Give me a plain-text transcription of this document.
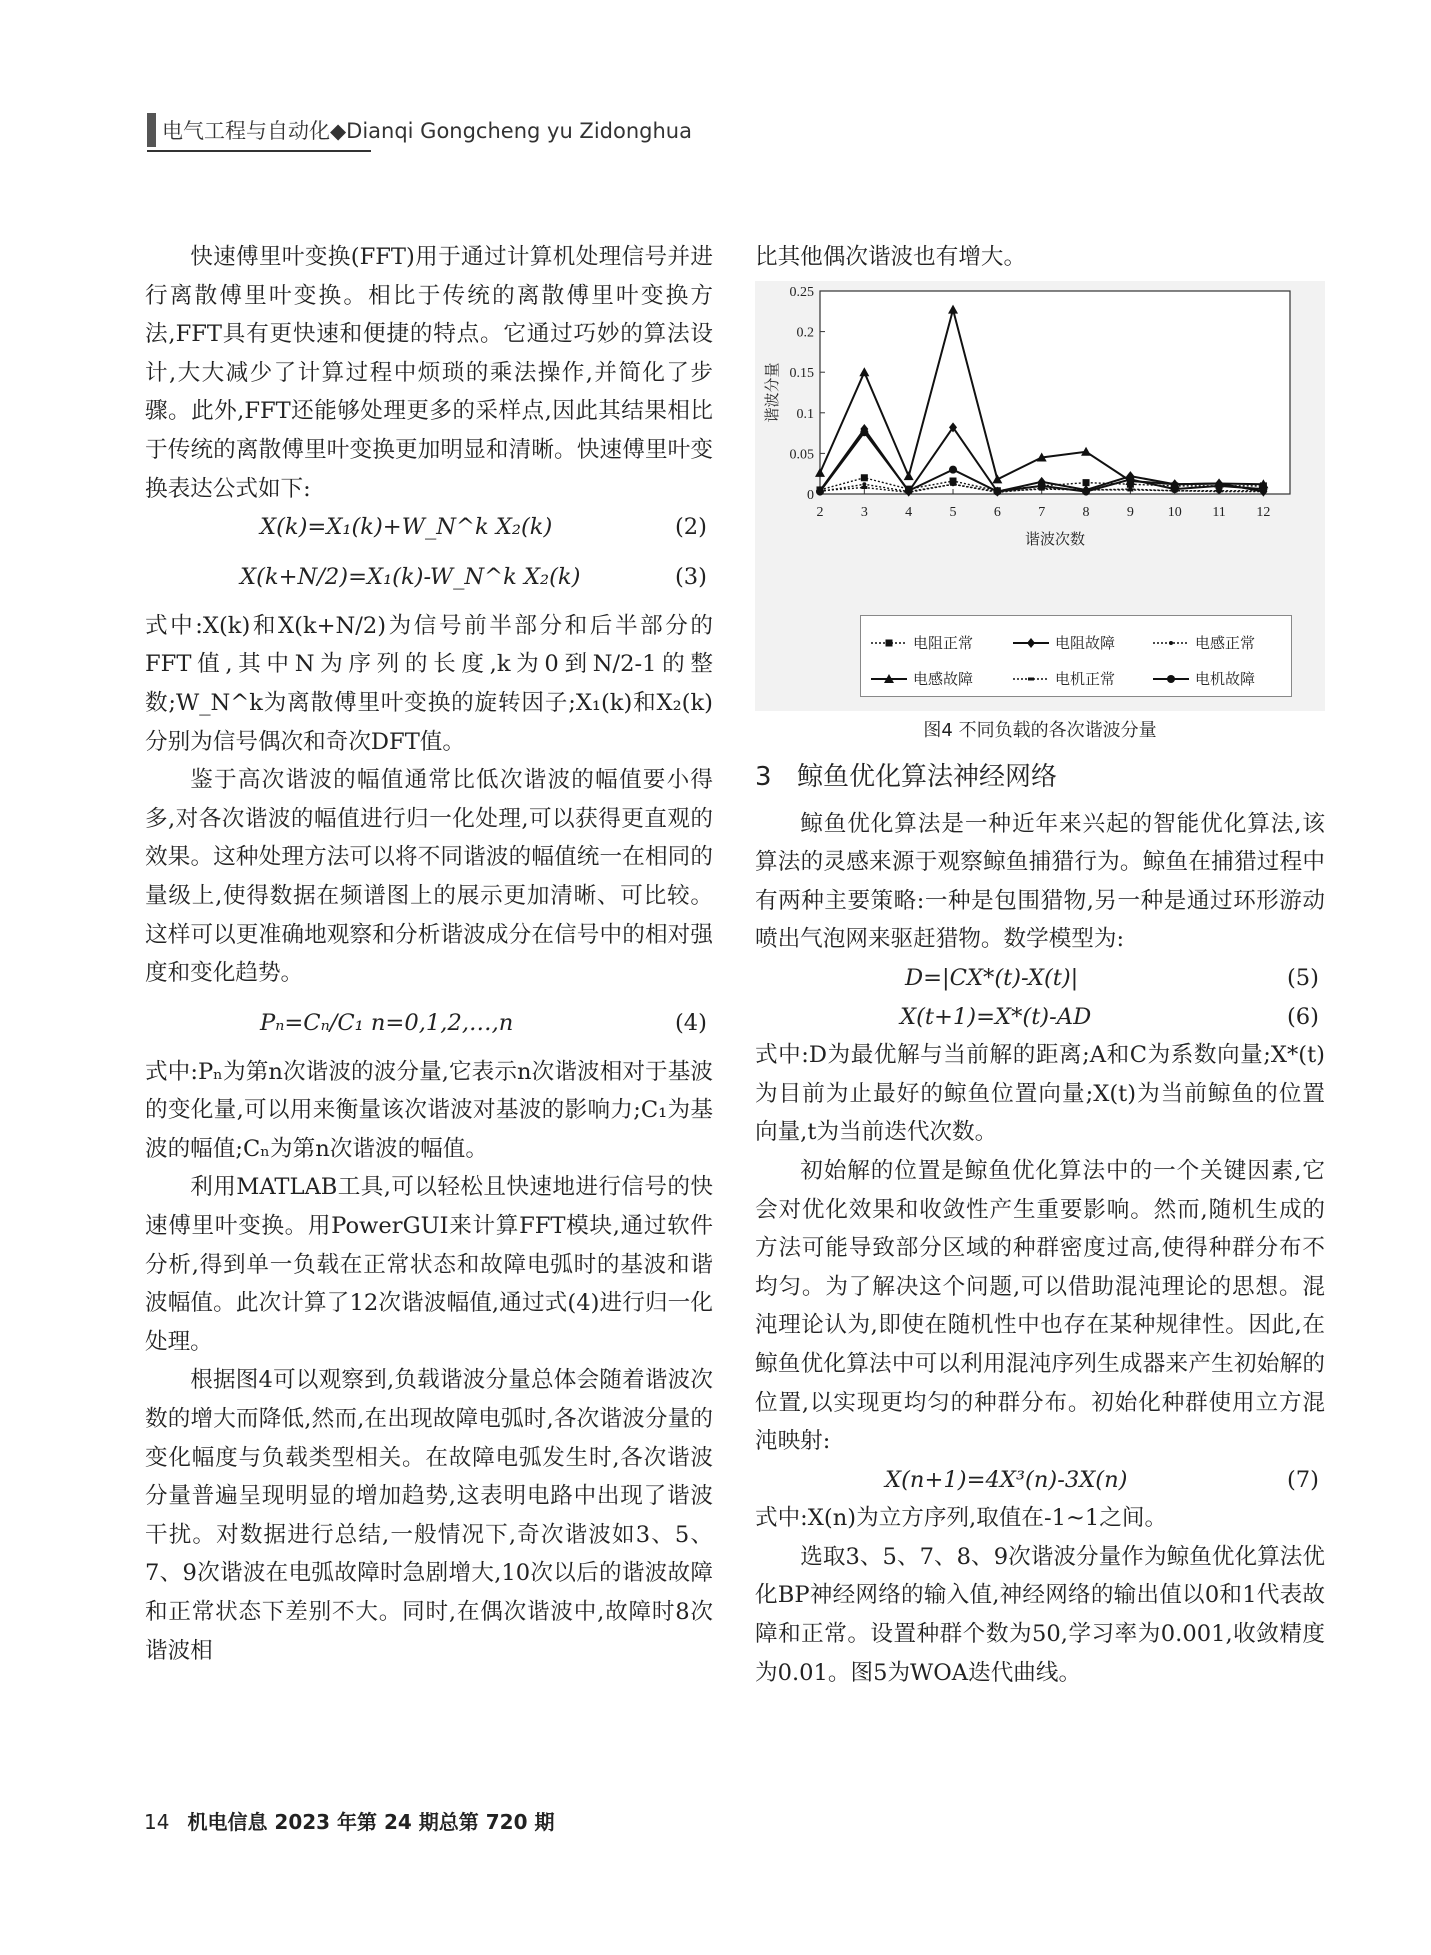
电气工程与自动化◆Dianqi Gongcheng yu Zidonghua

快速傅里叶变换(FFT)用于通过计算机处理信号并进行离散傅里叶变换。相比于传统的离散傅里叶变换方法,FFT具有更快速和便捷的特点。它通过巧妙的算法设计,大大减少了计算过程中烦琐的乘法操作,并简化了步骤。此外,FFT还能够处理更多的采样点,因此其结果相比于传统的离散傅里叶变换更加明显和清晰。快速傅里叶变换表达公式如下:

X(k)=X₁(k)+W_N^k X₂(k)	(2)
X(k+N/2)=X₁(k)-W_N^k X₂(k)	(3)

式中:X(k)和X(k+N/2)为信号前半部分和后半部分的FFT值,其中N为序列的长度,k为0到N/2-1的整数;W_N^k为离散傅里叶变换的旋转因子;X₁(k)和X₂(k)分别为信号偶次和奇次DFT值。

鉴于高次谐波的幅值通常比低次谐波的幅值要小得多,对各次谐波的幅值进行归一化处理,可以获得更直观的效果。这种处理方法可以将不同谐波的幅值统一在相同的量级上,使得数据在频谱图上的展示更加清晰、可比较。这样可以更准确地观察和分析谐波成分在信号中的相对强度和变化趋势。

Pₙ=Cₙ/C₁ n=0,1,2,…,n	(4)

式中:Pₙ为第n次谐波的波分量,它表示n次谐波相对于基波的变化量,可以用来衡量该次谐波对基波的影响力;C₁为基波的幅值;Cₙ为第n次谐波的幅值。

利用MATLAB工具,可以轻松且快速地进行信号的快速傅里叶变换。用PowerGUI来计算FFT模块,通过软件分析,得到单一负载在正常状态和故障电弧时的基波和谐波幅值。此次计算了12次谐波幅值,通过式(4)进行归一化处理。

根据图4可以观察到,负载谐波分量总体会随着谐波次数的增大而降低,然而,在出现故障电弧时,各次谐波分量的变化幅度与负载类型相关。在故障电弧发生时,各次谐波分量普遍呈现明显的增加趋势,这表明电路中出现了谐波干扰。对数据进行总结,一般情况下,奇次谐波如3、5、7、9次谐波在电弧故障时急剧增大,10次以后的谐波故障和正常状态下差别不大。同时,在偶次谐波中,故障时8次谐波相

比其他偶次谐波也有增大。

0
0.05
0.1
0.15
0.2
0.25
2	3	4	5	6	7	8	9 10 11 12
谐波次数
谐波分量
电阻正常	电阻故障	电感正常
电感故障	电机正常	电机故障
图4 不同负载的各次谐波分量
3 鲸鱼优化算法神经网络

鲸鱼优化算法是一种近年来兴起的智能优化算法,该算法的灵感来源于观察鲸鱼捕猎行为。鲸鱼在捕猎过程中有两种主要策略:一种是包围猎物,另一种是通过环形游动喷出气泡网来驱赶猎物。数学模型为:

D=|CX*(t)-X(t)|	(5)
X(t+1)=X*(t)-AD	(6)

式中:D为最优解与当前解的距离;A和C为系数向量;X*(t)为目前为止最好的鲸鱼位置向量;X(t)为当前鲸鱼的位置向量,t为当前迭代次数。

初始解的位置是鲸鱼优化算法中的一个关键因素,它会对优化效果和收敛性产生重要影响。然而,随机生成的方法可能导致部分区域的种群密度过高,使得种群分布不均匀。为了解决这个问题,可以借助混沌理论的思想。混沌理论认为,即使在随机性中也存在某种规律性。因此,在鲸鱼优化算法中可以利用混沌序列生成器来产生初始解的位置,以实现更均匀的种群分布。初始化种群使用立方混沌映射:

X(n+1)=4X³(n)-3X(n)	(7)

式中:X(n)为立方序列,取值在-1~1之间。

选取3、5、7、8、9次谐波分量作为鲸鱼优化算法优化BP神经网络的输入值,神经网络的输出值以0和1代表故障和正常。设置种群个数为50,学习率为0.001,收敛精度为0.01。图5为WOA迭代曲线。

14 机电信息 2023 年第 24 期总第 720 期
